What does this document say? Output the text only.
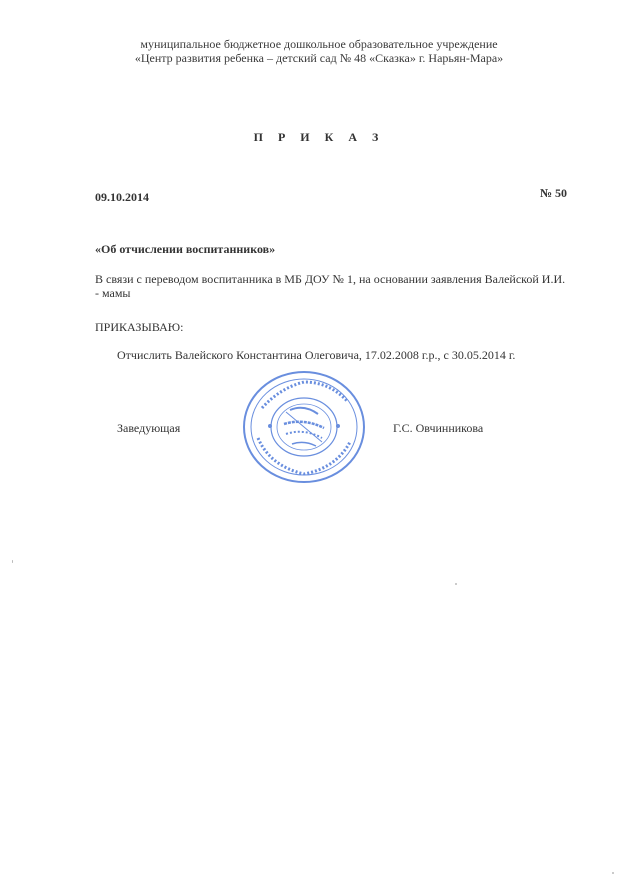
муниципальное бюджетное дошкольное образовательное учреждение
«Центр развития ребенка – детский сад № 48 «Сказка» г. Нарьян-Мара»
П Р И К А З
09.10.2014	№ 50
«Об отчислении воспитанников»
В связи с переводом воспитанника в МБ ДОУ № 1, на основании заявления Валейской И.И.
- мамы
ПРИКАЗЫВАЮ:
Отчислить Валейского Константина Олеговича, 17.02.2008 г.р., с 30.05.2014 г.
Заведующая	Г.С. Овчинникова
